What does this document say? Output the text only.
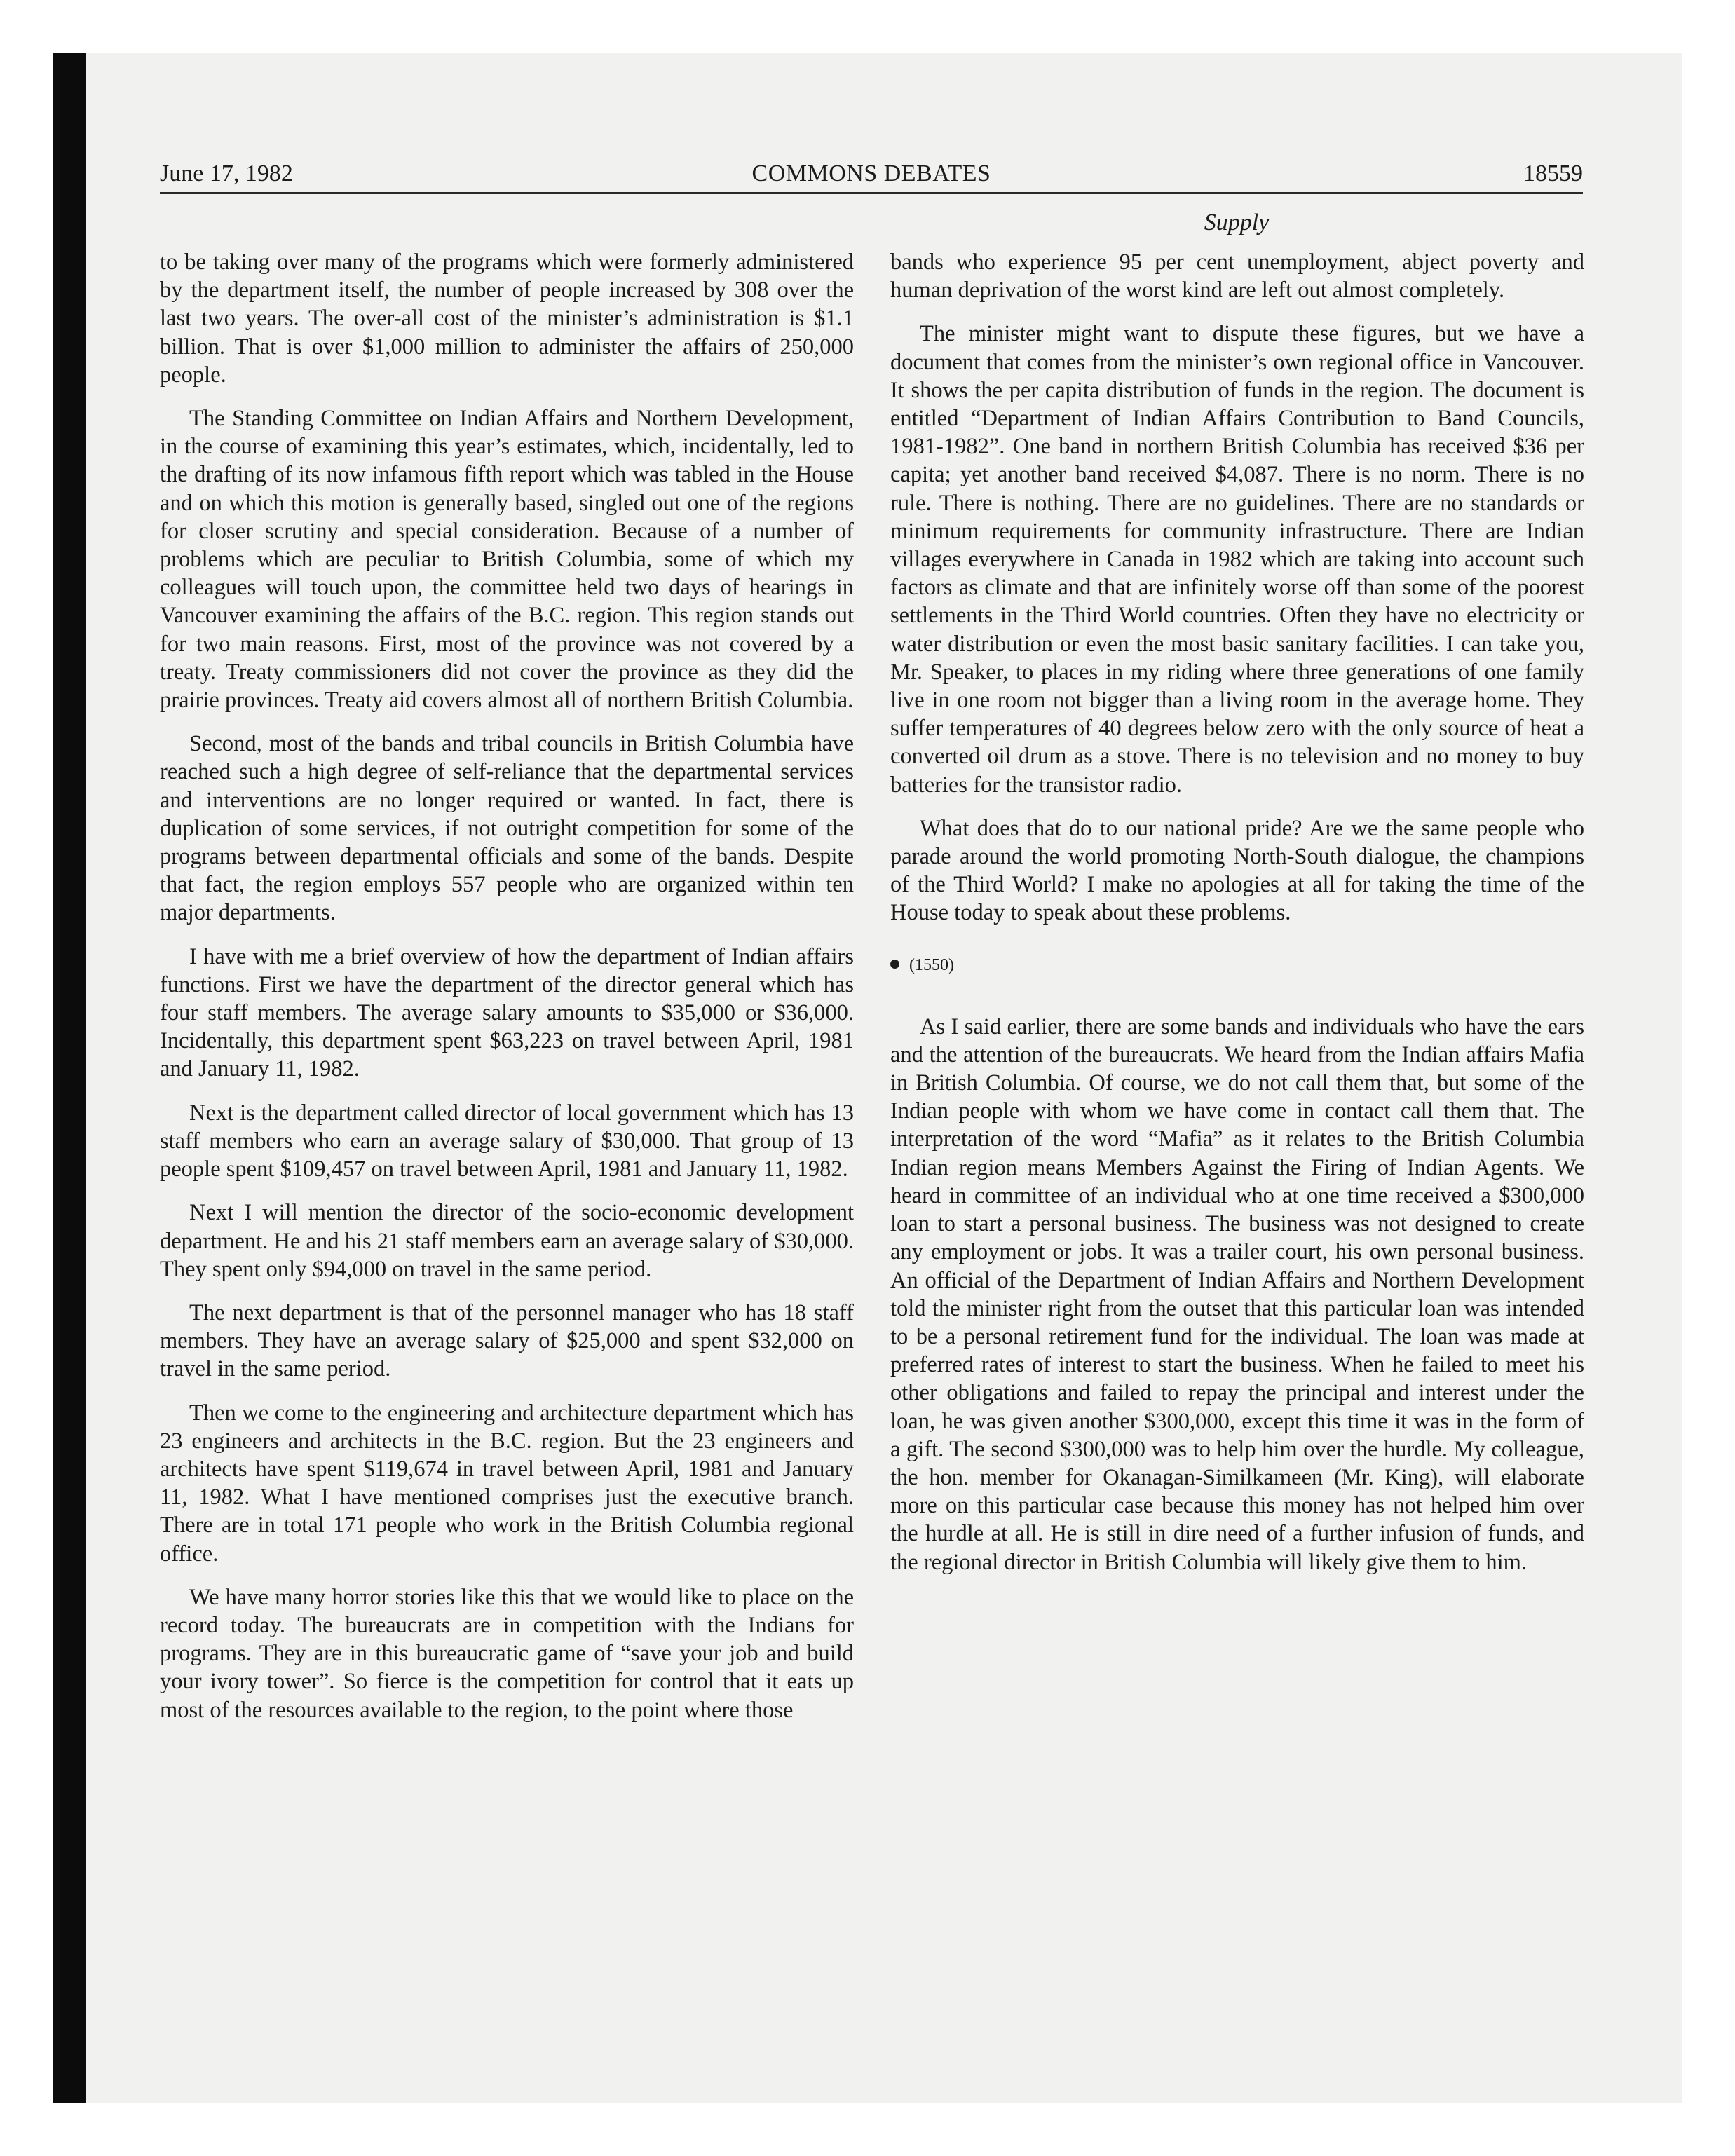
June 17, 1982	COMMONS DEBATES	18559
Supply

to be taking over many of the programs which were formerly administered by the department itself, the number of people increased by 308 over the last two years. The over-all cost of the minister’s administration is $1.1 billion. That is over $1,000 million to administer the affairs of 250,000 people.

The Standing Committee on Indian Affairs and Northern Development, in the course of examining this year’s estimates, which, incidentally, led to the drafting of its now infamous fifth report which was tabled in the House and on which this motion is generally based, singled out one of the regions for closer scrutiny and special consideration. Because of a number of problems which are peculiar to British Columbia, some of which my colleagues will touch upon, the committee held two days of hearings in Vancouver examining the affairs of the B.C. region. This region stands out for two main reasons. First, most of the province was not covered by a treaty. Treaty commissioners did not cover the province as they did the prairie provinces. Treaty aid covers almost all of northern British Columbia.

Second, most of the bands and tribal councils in British Columbia have reached such a high degree of self-reliance that the departmental services and interventions are no longer required or wanted. In fact, there is duplication of some services, if not outright competition for some of the programs between departmental officials and some of the bands. Despite that fact, the region employs 557 people who are organized within ten major departments.

I have with me a brief overview of how the department of Indian affairs functions. First we have the department of the director general which has four staff members. The average salary amounts to $35,000 or $36,000. Incidentally, this department spent $63,223 on travel between April, 1981 and January 11, 1982.

Next is the department called director of local government which has 13 staff members who earn an average salary of $30,000. That group of 13 people spent $109,457 on travel between April, 1981 and January 11, 1982.

Next I will mention the director of the socio-economic development department. He and his 21 staff members earn an average salary of $30,000. They spent only $94,000 on travel in the same period.

The next department is that of the personnel manager who has 18 staff members. They have an average salary of $25,000 and spent $32,000 on travel in the same period.

Then we come to the engineering and architecture department which has 23 engineers and architects in the B.C. region. But the 23 engineers and architects have spent $119,674 in travel between April, 1981 and January 11, 1982. What I have mentioned comprises just the executive branch. There are in total 171 people who work in the British Columbia regional office.

We have many horror stories like this that we would like to place on the record today. The bureaucrats are in competition with the Indians for programs. They are in this bureaucratic game of “save your job and build your ivory tower”. So fierce is the competition for control that it eats up most of the resources available to the region, to the point where those

bands who experience 95 per cent unemployment, abject poverty and human deprivation of the worst kind are left out almost completely.

The minister might want to dispute these figures, but we have a document that comes from the minister’s own regional office in Vancouver. It shows the per capita distribution of funds in the region. The document is entitled “Department of Indian Affairs Contribution to Band Councils, 1981-1982”. One band in northern British Columbia has received $36 per capita; yet another band received $4,087. There is no norm. There is no rule. There is nothing. There are no guidelines. There are no standards or minimum requirements for community infrastructure. There are Indian villages everywhere in Canada in 1982 which are taking into account such factors as climate and that are infinitely worse off than some of the poorest settlements in the Third World countries. Often they have no electricity or water distribution or even the most basic sanitary facilities. I can take you, Mr. Speaker, to places in my riding where three generations of one family live in one room not bigger than a living room in the average home. They suffer temperatures of 40 degrees below zero with the only source of heat a converted oil drum as a stove. There is no television and no money to buy batteries for the transistor radio.

What does that do to our national pride? Are we the same people who parade around the world promoting North-South dialogue, the champions of the Third World? I make no apologies at all for taking the time of the House today to speak about these problems.

(1550)

As I said earlier, there are some bands and individuals who have the ears and the attention of the bureaucrats. We heard from the Indian affairs Mafia in British Columbia. Of course, we do not call them that, but some of the Indian people with whom we have come in contact call them that. The interpretation of the word “Mafia” as it relates to the British Columbia Indian region means Members Against the Firing of Indian Agents. We heard in committee of an individual who at one time received a $300,000 loan to start a personal business. The business was not designed to create any employment or jobs. It was a trailer court, his own personal business. An official of the Department of Indian Affairs and Northern Development told the minister right from the outset that this particular loan was intended to be a personal retirement fund for the individual. The loan was made at preferred rates of interest to start the business. When he failed to meet his other obligations and failed to repay the principal and interest under the loan, he was given another $300,000, except this time it was in the form of a gift. The second $300,000 was to help him over the hurdle. My colleague, the hon. member for Okanagan-Similkameen (Mr. King), will elaborate more on this particular case because this money has not helped him over the hurdle at all. He is still in dire need of a further infusion of funds, and the regional director in British Columbia will likely give them to him.
